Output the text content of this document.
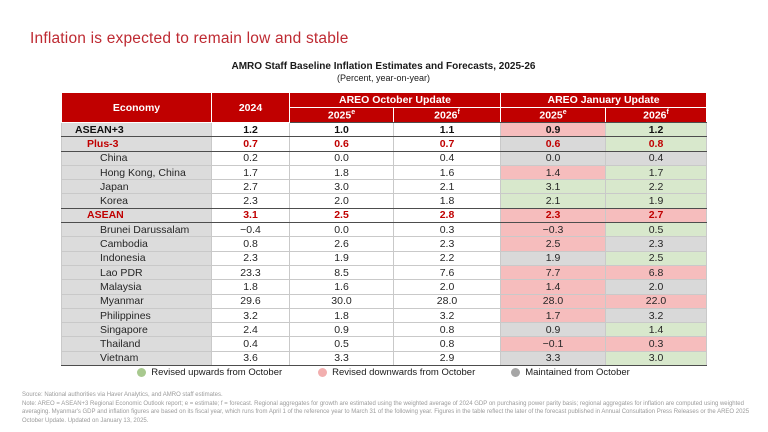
Inflation is expected to remain low and stable
AMRO Staff Baseline Inflation Estimates and Forecasts, 2025-26
(Percent, year-on-year)
Economy	2024	AREO October Update		AREO January Update	
		2025e	2026$^f$	2025e	2026$^f$
ASEAN+3	1.2	1.0	1.1	0.9	1.2
Plus-3	0.7	0.6	0.7	0.6	0.8
China	0.2	0.0	0.4	0.0	0.4
Hong Kong, China	1.7	1.8	1.6	1.4	1.7
Japan	2.7	3.0	2.1	3.1	2.2
Korea	2.3	2.0	1.8	2.1	1.9
ASEAN	3.1	2.5	2.8	2.3	2.7
Brunei Darussalam	−0.4	0.0	0.3	−0.3	0.5
Cambodia	0.8	2.6	2.3	2.5	2.3
Indonesia	2.3	1.9	2.2	1.9	2.5
Lao PDR	23.3	8.5	7.6	7.7	6.8
Malaysia	1.8	1.6	2.0	1.4	2.0
Myanmar	29.6	30.0	28.0	28.0	22.0
Philippines	3.2	1.8	3.2	1.7	3.2
Singapore	2.4	0.9	0.8	0.9	1.4
Thailand	0.4	0.5	0.8	−0.1	0.3
Vietnam	3.6	3.3	2.9	3.3	3.0
Revised upwards from October	Revised downwards from October	Maintained from October
Source: National authorities via Haver Analytics, and AMRO staff estimates.
Note: AREO = ASEAN+3 Regional Economic Outlook report; e = estimate; f = forecast. Regional aggregates for growth are estimated using the weighted average of 2024 GDP on purchasing power parity basis; regional aggregates for inflation are computed using weighted averaging. Myanmar's GDP and inflation figures are based on its fiscal year, which runs from April 1 of the reference year to March 31 of the following year. Figures in the table reflect the later of the forecast published in Annual Consultation Press Releases or the AREO 2025 October Update. Updated on January 13, 2025.
